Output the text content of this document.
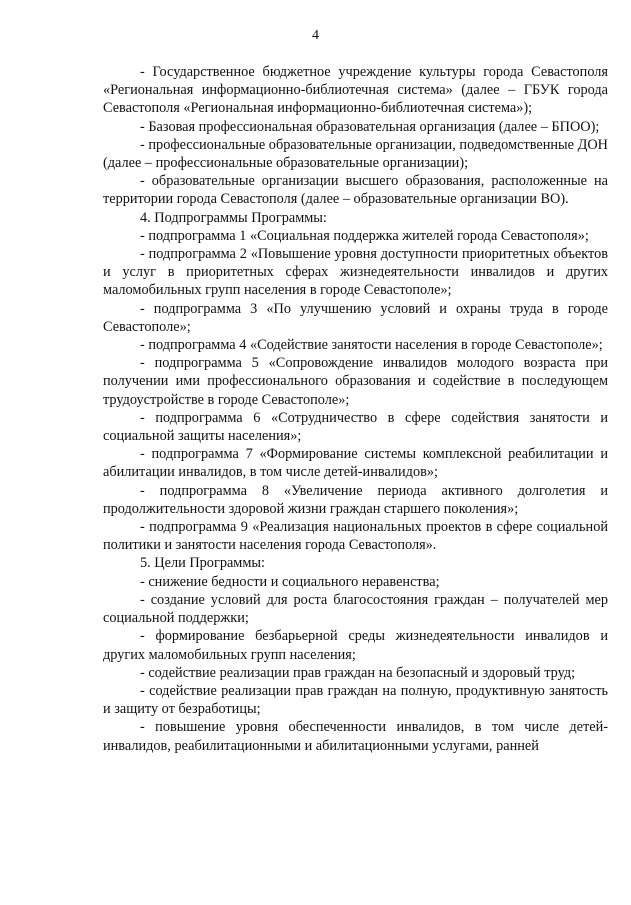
4

- Государственное бюджетное учреждение культуры города Севастополя «Региональная информационно-библиотечная система» (далее – ГБУК города Севастополя «Региональная информационно-библиотечная система»);

- Базовая профессиональная образовательная организация (далее – БПОО);

- профессиональные образовательные организации, подведомственные ДОН (далее – профессиональные образовательные организации);

- образовательные организации высшего образования, расположенные на территории города Севастополя (далее – образовательные организации ВО).

4. Подпрограммы Программы:

- подпрограмма 1 «Социальная поддержка жителей города Севастополя»;

- подпрограмма 2 «Повышение уровня доступности приоритетных объектов и услуг в приоритетных сферах жизнедеятельности инвалидов и других маломобильных групп населения в городе Севастополе»;

- подпрограмма 3 «По улучшению условий и охраны труда в городе Севастополе»;

- подпрограмма 4 «Содействие занятости населения в городе Севастополе»;

- подпрограмма 5 «Сопровождение инвалидов молодого возраста при получении ими профессионального образования и содействие в последующем трудоустройстве в городе Севастополе»;

- подпрограмма 6 «Сотрудничество в сфере содействия занятости и социальной защиты населения»;

- подпрограмма 7 «Формирование системы комплексной реабилитации и абилитации инвалидов, в том числе детей-инвалидов»;

- подпрограмма 8 «Увеличение периода активного долголетия и продолжительности здоровой жизни граждан старшего поколения»;

- подпрограмма 9 «Реализация национальных проектов в сфере социальной политики и занятости населения города Севастополя».

5. Цели Программы:

- снижение бедности и социального неравенства;

- создание условий для роста благосостояния граждан – получателей мер социальной поддержки;

- формирование безбарьерной среды жизнедеятельности инвалидов и других маломобильных групп населения;

- содействие реализации прав граждан на безопасный и здоровый труд;

- содействие реализации прав граждан на полную, продуктивную занятость и защиту от безработицы;

- повышение уровня обеспеченности инвалидов, в том числе детей-инвалидов, реабилитационными и абилитационными услугами, ранней
